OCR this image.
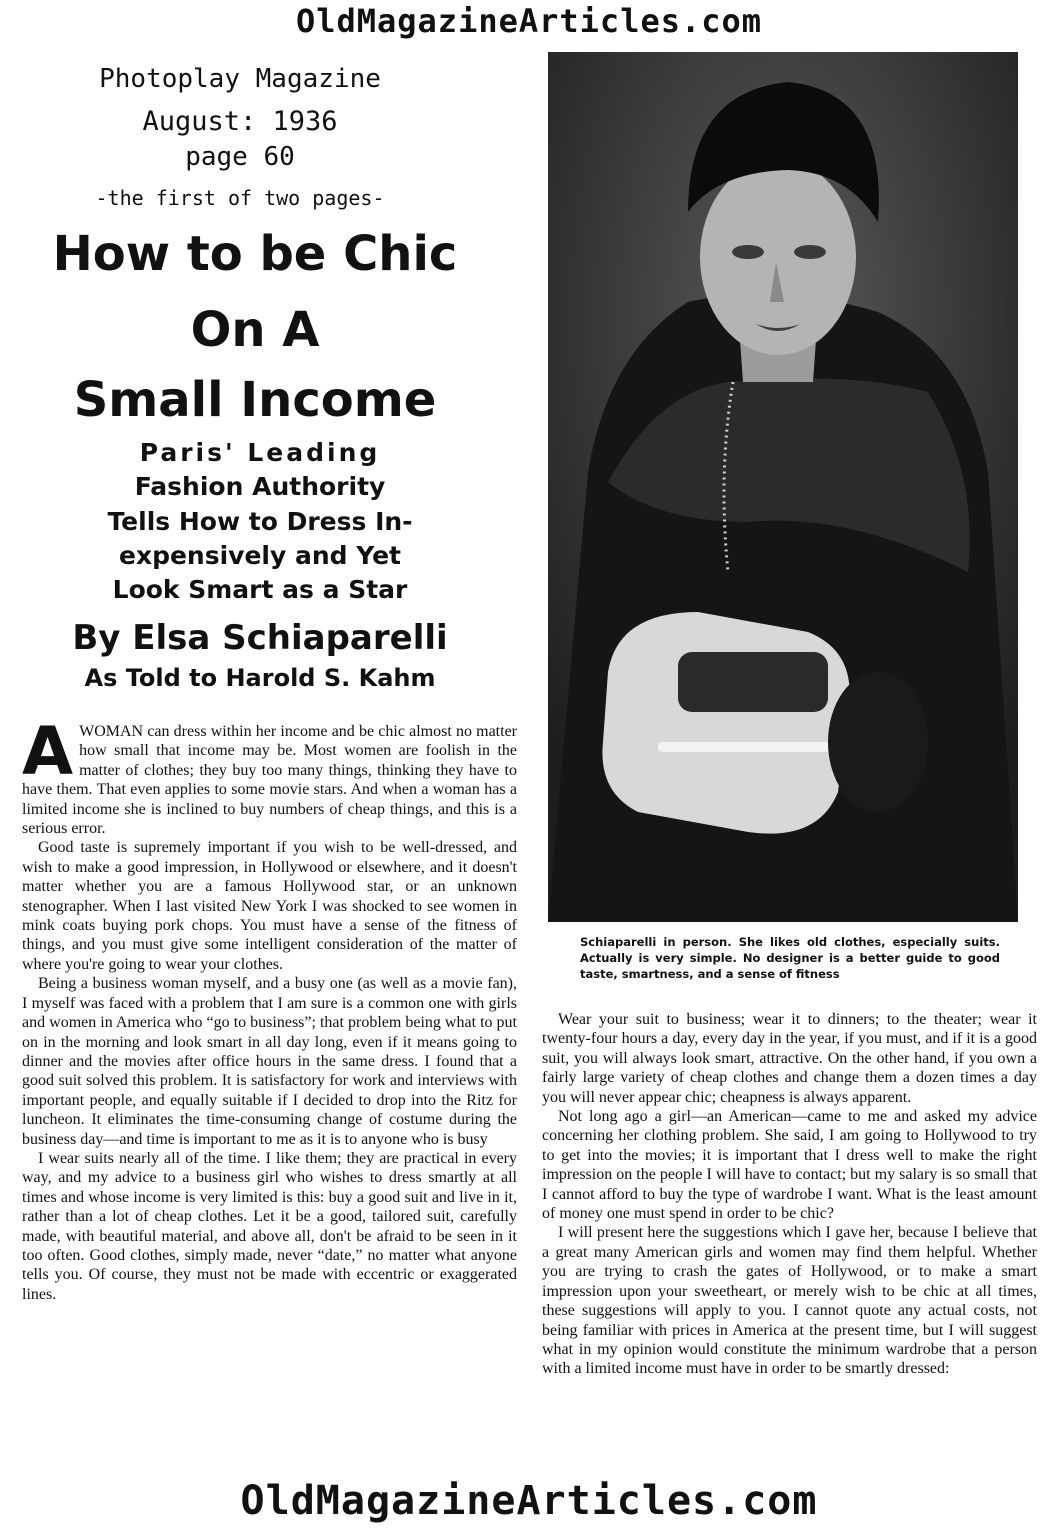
OldMagazineArticles.com
Photoplay Magazine
August: 1936
page 60
-the first of two pages-
How to be Chic
On A
Small Income
Paris' Leading
Fashion Authority
Tells How to Dress In-
expensively and Yet
Look Smart as a Star
By Elsa Schiaparelli
As Told to Harold S. Kahm
Schiaparelli in person. She likes old clothes, especially suits. Actually is very simple. No designer is a better guide to good taste, smartness, and a sense of fitness

AWOMAN can dress within her income and be chic almost no matter how small that income may be. Most women are foolish in the matter of clothes; they buy too many things, thinking they have to have them. That even applies to some movie stars. And when a woman has a limited income she is inclined to buy numbers of cheap things, and this is a serious error.

Good taste is supremely important if you wish to be well-dressed, and wish to make a good impression, in Hollywood or elsewhere, and it doesn't matter whether you are a famous Hollywood star, or an unknown stenographer. When I last visited New York I was shocked to see women in mink coats buying pork chops. You must have a sense of the fitness of things, and you must give some intelligent consideration of the matter of where you're going to wear your clothes.

Being a business woman myself, and a busy one (as well as a movie fan), I myself was faced with a problem that I am sure is a common one with girls and women in America who “go to business”; that problem being what to put on in the morning and look smart in all day long, even if it means going to dinner and the movies after office hours in the same dress. I found that a good suit solved this problem. It is satisfactory for work and interviews with important people, and equally suitable if I decided to drop into the Ritz for luncheon. It eliminates the time-consuming change of costume during the business day—and time is important to me as it is to anyone who is busy

I wear suits nearly all of the time. I like them; they are practical in every way, and my advice to a business girl who wishes to dress smartly at all times and whose income is very limited is this: buy a good suit and live in it, rather than a lot of cheap clothes. Let it be a good, tailored suit, carefully made, with beautiful material, and above all, don't be afraid to be seen in it too often. Good clothes, simply made, never “date,” no matter what anyone tells you. Of course, they must not be made with eccentric or exaggerated lines.

Wear your suit to business; wear it to dinners; to the theater; wear it twenty-four hours a day, every day in the year, if you must, and if it is a good suit, you will always look smart, attractive. On the other hand, if you own a fairly large variety of cheap clothes and change them a dozen times a day you will never appear chic; cheapness is always apparent.

Not long ago a girl—an American—came to me and asked my advice concerning her clothing problem. She said, I am going to Hollywood to try to get into the movies; it is important that I dress well to make the right impression on the people I will have to contact; but my salary is so small that I cannot afford to buy the type of wardrobe I want. What is the least amount of money one must spend in order to be chic?

I will present here the suggestions which I gave her, because I believe that a great many American girls and women may find them helpful. Whether you are trying to crash the gates of Hollywood, or to make a smart impression upon your sweetheart, or merely wish to be chic at all times, these suggestions will apply to you. I cannot quote any actual costs, not being familiar with prices in America at the present time, but I will suggest what in my opinion would constitute the minimum wardrobe that a person with a limited income must have in order to be smartly dressed:

OldMagazineArticles.com
